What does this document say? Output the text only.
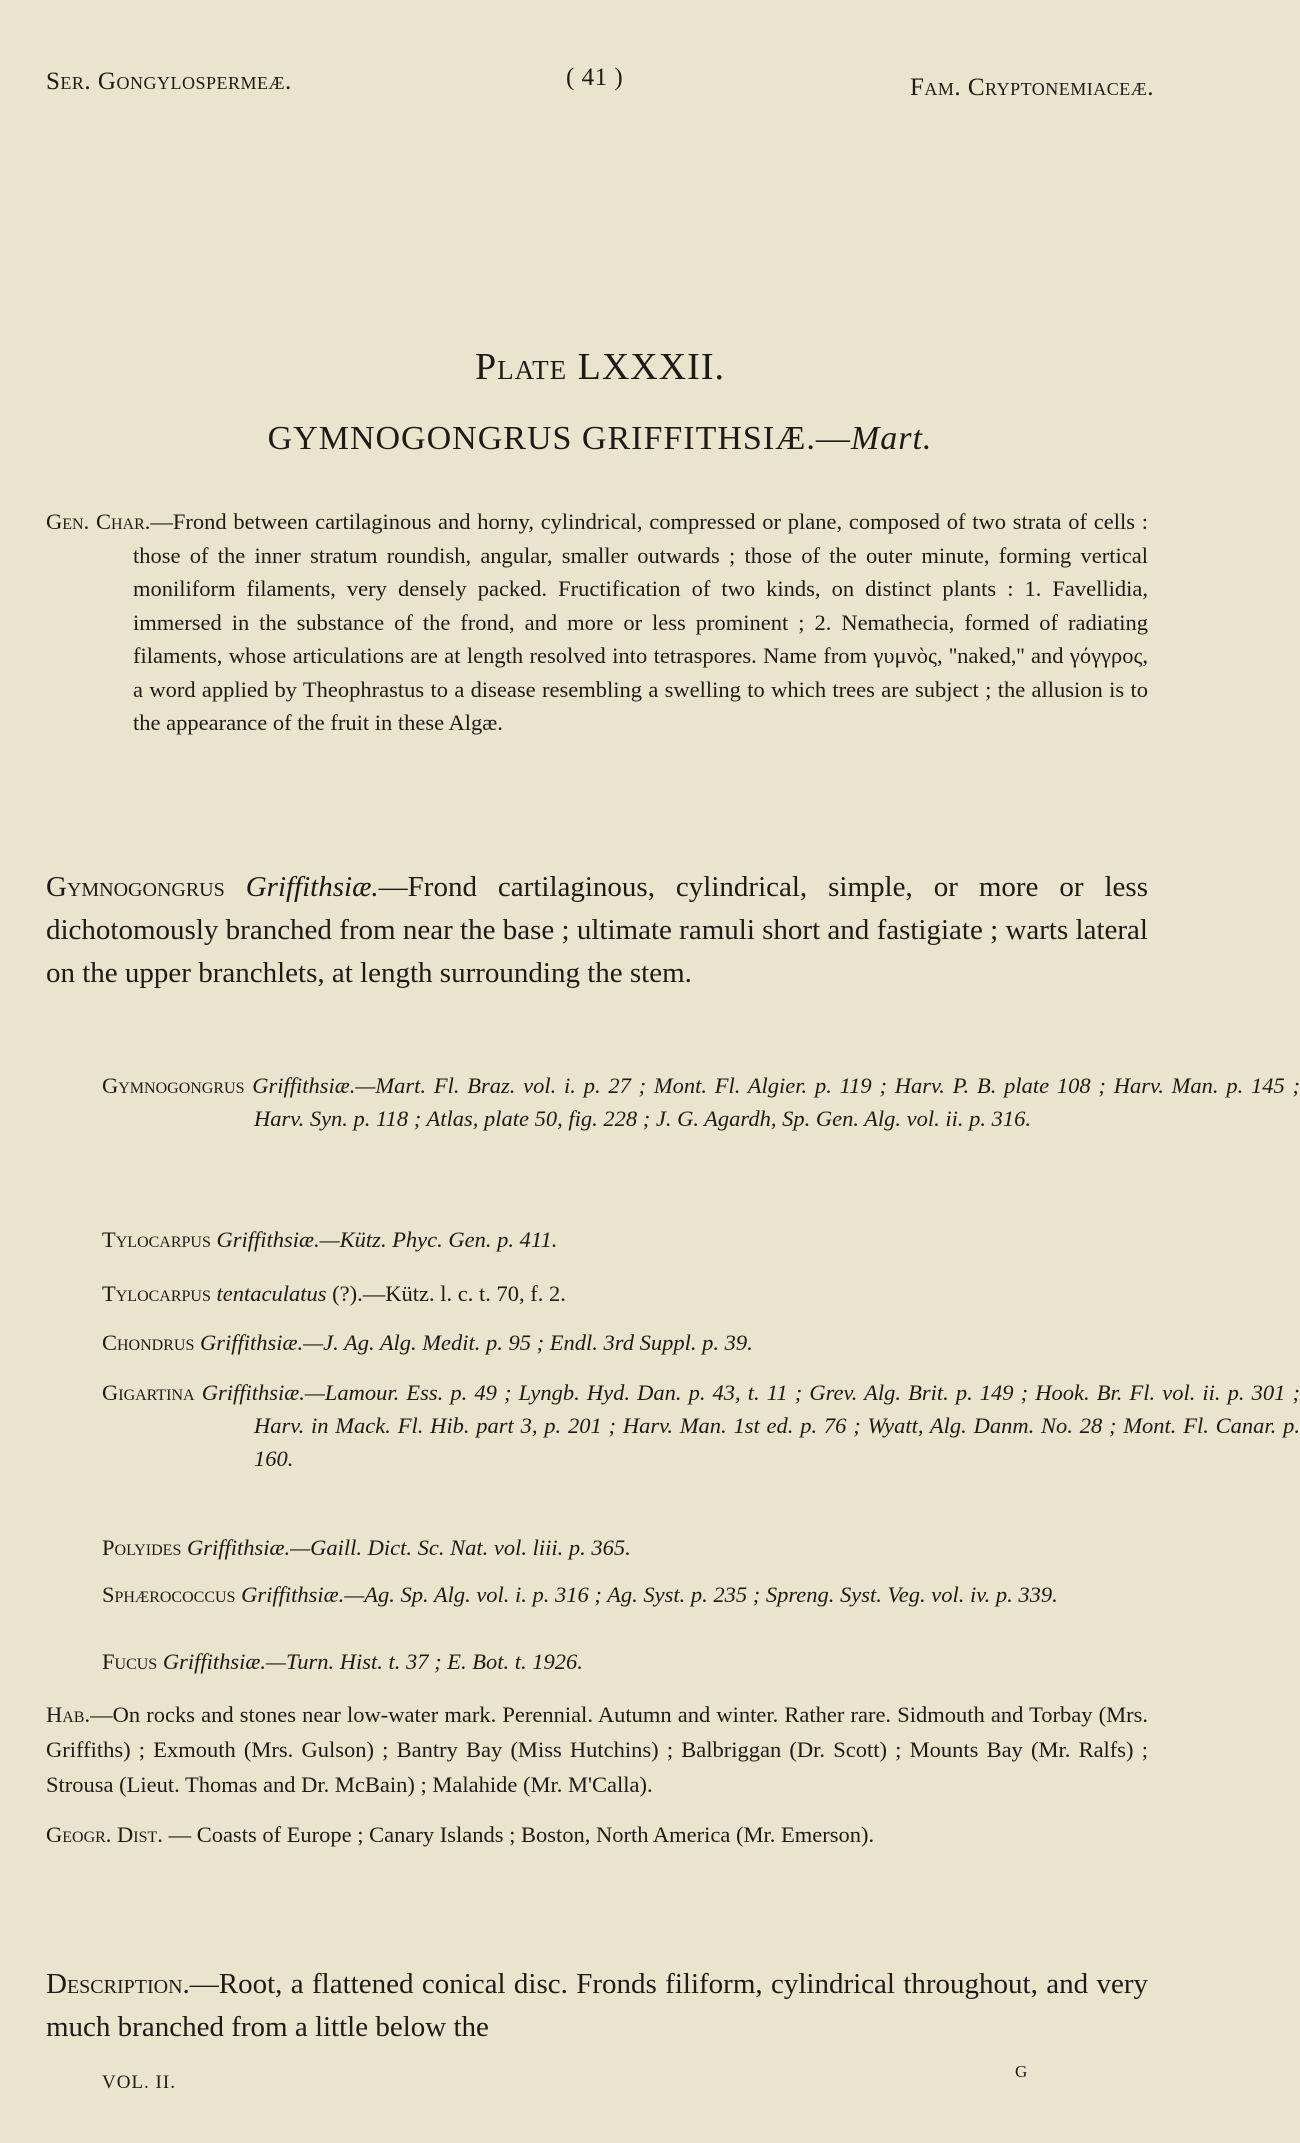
Ser. Gongylospermeæ.	( 41 )	Fam. Cryptonemiaceæ.
Plate LXXXII.
GYMNOGONGRUS GRIFFITHSIÆ.—Mart.

Gen. Char.—Frond between cartilaginous and horny, cylindrical, compressed or plane, composed of two strata of cells : those of the inner stratum roundish, angular, smaller outwards ; those of the outer minute, forming vertical moniliform filaments, very densely packed. Fructification of two kinds, on distinct plants : 1. Favellidia, immersed in the substance of the frond, and more or less prominent ; 2. Nemathecia, formed of radiating filaments, whose articulations are at length resolved into tetraspores. Name from γυμνὸς, ''naked,'' and γόγγρος, a word applied by Theophrastus to a disease resembling a swelling to which trees are subject ; the allusion is to the appearance of the fruit in these Algæ.

Gymnogongrus Griffithsiæ.—Frond cartilaginous, cylindrical, simple, or more or less dichotomously branched from near the base ; ultimate ramuli short and fastigiate ; warts lateral on the upper branchlets, at length surrounding the stem.

Gymnogongrus Griffithsiæ.—Mart. Fl. Braz. vol. i. p. 27 ; Mont. Fl. Algier. p. 119 ; Harv. P. B. plate 108 ; Harv. Man. p. 145 ; Harv. Syn. p. 118 ; Atlas, plate 50, fig. 228 ; J. G. Agardh, Sp. Gen. Alg. vol. ii. p. 316.

Tylocarpus Griffithsiæ.—Kütz. Phyc. Gen. p. 411.

Tylocarpus tentaculatus (?).—Kütz. l. c. t. 70, f. 2.

Chondrus Griffithsiæ.—J. Ag. Alg. Medit. p. 95 ; Endl. 3rd Suppl. p. 39.

Gigartina Griffithsiæ.—Lamour. Ess. p. 49 ; Lyngb. Hyd. Dan. p. 43, t. 11 ; Grev. Alg. Brit. p. 149 ; Hook. Br. Fl. vol. ii. p. 301 ; Harv. in Mack. Fl. Hib. part 3, p. 201 ; Harv. Man. 1st ed. p. 76 ; Wyatt, Alg. Danm. No. 28 ; Mont. Fl. Canar. p. 160.

Polyides Griffithsiæ.—Gaill. Dict. Sc. Nat. vol. liii. p. 365.

Sphærococcus Griffithsiæ.—Ag. Sp. Alg. vol. i. p. 316 ; Ag. Syst. p. 235 ; Spreng. Syst. Veg. vol. iv. p. 339.

Fucus Griffithsiæ.—Turn. Hist. t. 37 ; E. Bot. t. 1926.

Hab.—On rocks and stones near low-water mark. Perennial. Autumn and winter. Rather rare. Sidmouth and Torbay (Mrs. Griffiths) ; Exmouth (Mrs. Gulson) ; Bantry Bay (Miss Hutchins) ; Balbriggan (Dr. Scott) ; Mounts Bay (Mr. Ralfs) ; Strousa (Lieut. Thomas and Dr. McBain) ; Malahide (Mr. M'Calla).

Geogr. Dist. — Coasts of Europe ; Canary Islands ; Boston, North America (Mr. Emerson).

Description.—Root, a flattened conical disc. Fronds filiform, cylindrical throughout, and very much branched from a little below the

VOL. II.
G
